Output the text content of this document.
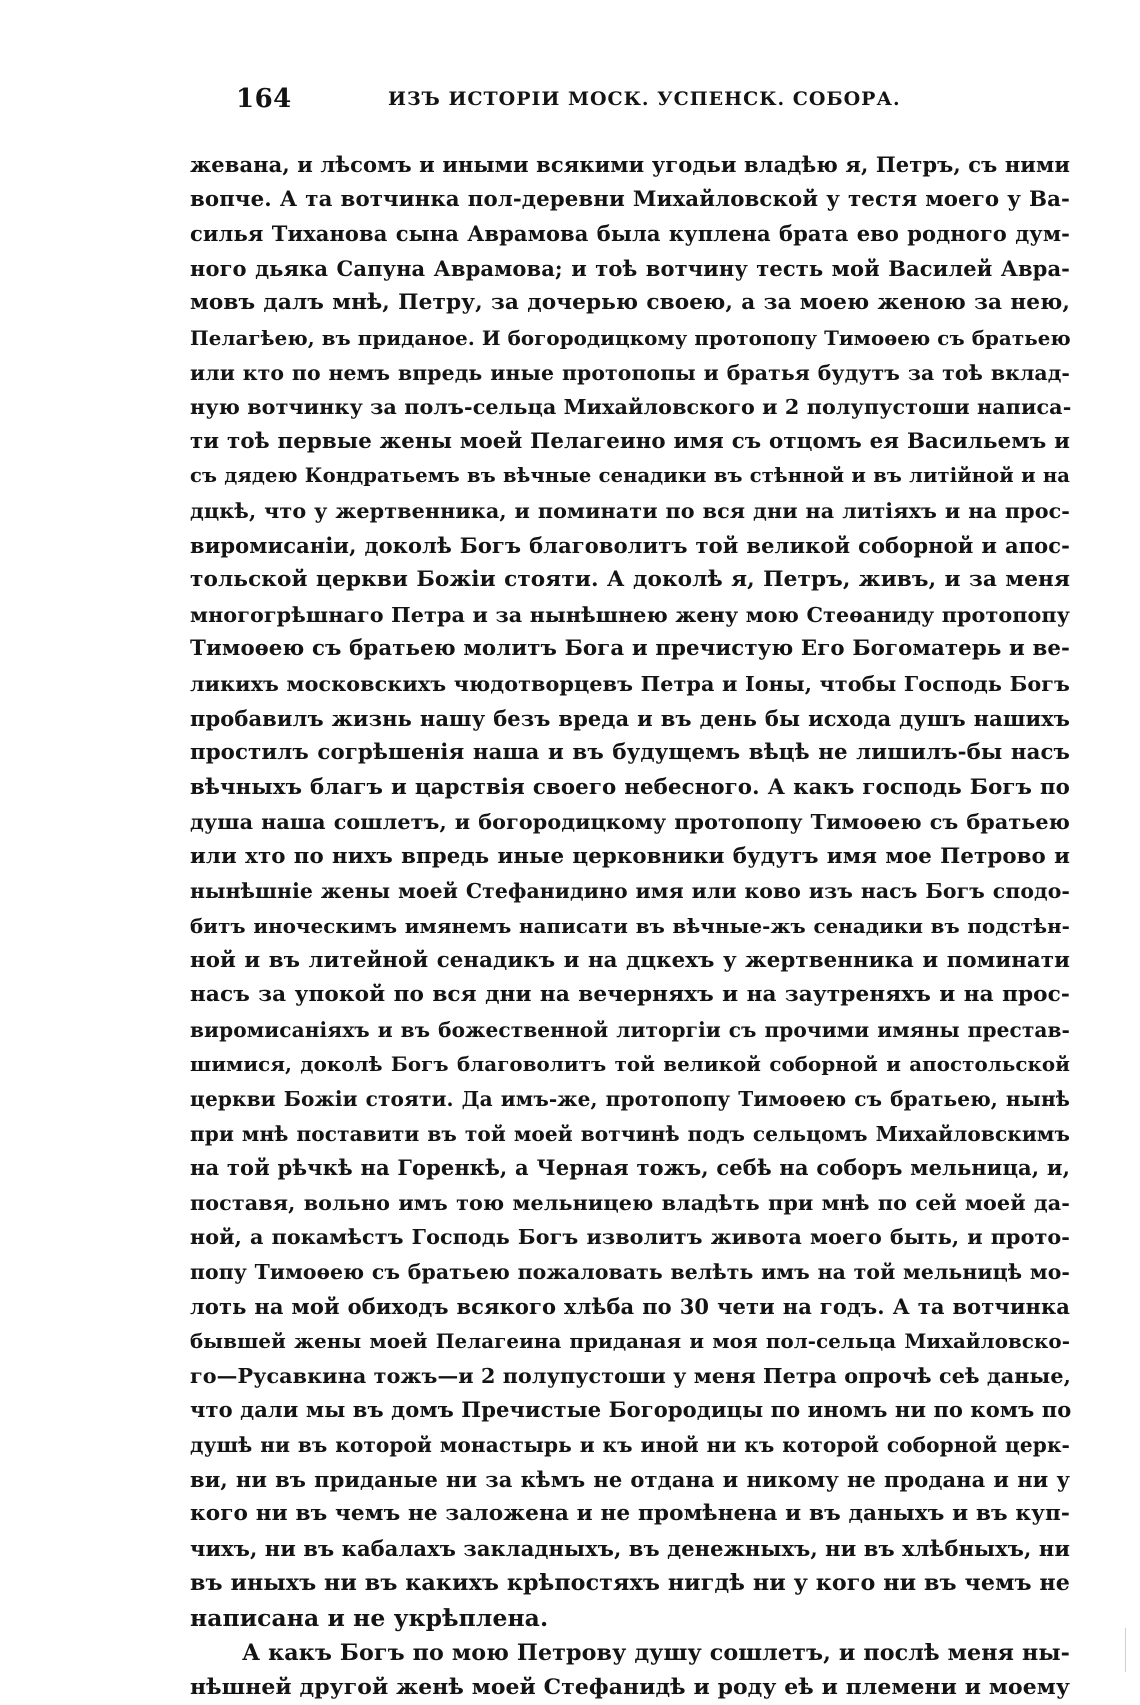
164	ИЗЪ ИСТОРІИ МОСК. УСПЕНСК. СОБОРА.
жевана, и лѣсомъ и иными всякими угодьи владѣю я, Петръ, съ ними
вопче. А та вотчинка пол-деревни Михайловской у тестя моего у Ва-
силья Тиханова сына Аврамова была куплена брата ево родного дум-
ного дьяка Сапуна Аврамова; и тоѣ вотчину тесть мой Василей Авра-
мовъ далъ мнѣ, Петру, за дочерью своею, а за моею женою за нею,
Пелагѣею, въ приданое. И богородицкому протопопу Тимоѳею съ братьею
или кто по немъ впредь иные протопопы и братья будутъ за тоѣ вклад-
ную вотчинку за полъ-сельца Михайловского и 2 полупустоши написа-
ти тоѣ первые жены моей Пелагеино имя съ отцомъ ея Васильемъ и
съ дядею Кондратьемъ въ вѣчные сенадики въ стѣнной и въ литійной и на
дцкѣ, что у жертвенника, и поминати по вся дни на литіяхъ и на прос-
виромисаніи, доколѣ Богъ благоволитъ той великой соборной и апос-
тольской церкви Божіи стояти. А доколѣ я, Петръ, живъ, и за меня
многогрѣшнаго Петра и за нынѣшнею жену мою Стеѳаниду протопопу
Тимоѳею съ братьею молитъ Бога и пречистую Его Богоматерь и ве-
ликихъ московскихъ чюдотворцевъ Петра и Іоны, чтобы Господь Богъ
пробавилъ жизнь нашу безъ вреда и въ день бы исхода душъ нашихъ
простилъ согрѣшенія наша и въ будущемъ вѣцѣ не лишилъ-бы насъ
вѣчныхъ благъ и царствія своего небесного. А какъ господь Богъ по
душа наша сошлетъ, и богородицкому протопопу Тимоѳею съ братьею
или хто по нихъ впредь иные церковники будутъ имя мое Петрово и
нынѣшніе жены моей Стефанидино имя или ково изъ насъ Богъ сподо-
битъ иноческимъ имянемъ написати въ вѣчные-жъ сенадики въ подстѣн-
ной и въ литейной сенадикъ и на дцкехъ у жертвенника и поминати
насъ за упокой по вся дни на вечерняхъ и на заутреняхъ и на прос-
виромисаніяхъ и въ божественной литоргіи съ прочими имяны престав-
шимися, доколѣ Богъ благоволитъ той великой соборной и апостольской
церкви Божіи стояти. Да имъ-же, протопопу Тимоѳею съ братьею, нынѣ
при мнѣ поставити въ той моей вотчинѣ подъ сельцомъ Михайловскимъ
на той рѣчкѣ на Горенкѣ, а Черная тожъ, себѣ на соборъ мельница, и,
поставя, вольно имъ тою мельницею владѣть при мнѣ по сей моей да-
ной, а покамѣстъ Господь Богъ изволитъ живота моего быть, и прото-
попу Тимоѳею съ братьею пожаловать велѣть имъ на той мельницѣ мо-
лоть на мой обиходъ всякого хлѣба по 30 чети на годъ. А та вотчинка
бывшей жены моей Пелагеина приданая и моя пол-сельца Михайловско-
го—Русавкина тожъ—и 2 полупустоши у меня Петра опрочѣ сеѣ даные,
что дали мы въ домъ Пречистые Богородицы по иномъ ни по комъ по
душѣ ни въ которой монастырь и къ иной ни къ которой соборной церк-
ви, ни въ приданые ни за кѣмъ не отдана и никому не продана и ни у
кого ни въ чемъ не заложена и не промѣнена и въ даныхъ и въ куп-
чихъ, ни въ кабалахъ закладныхъ, въ денежныхъ, ни въ хлѣбныхъ, ни
въ иныхъ ни въ какихъ крѣпостяхъ нигдѣ ни у кого ни въ чемъ не
написана и не укрѣплена.
А какъ Богъ по мою Петрову душу сошлетъ, и послѣ меня ны-
нѣшней другой женѣ моей Стефанидѣ и роду еѣ и племени и моему
